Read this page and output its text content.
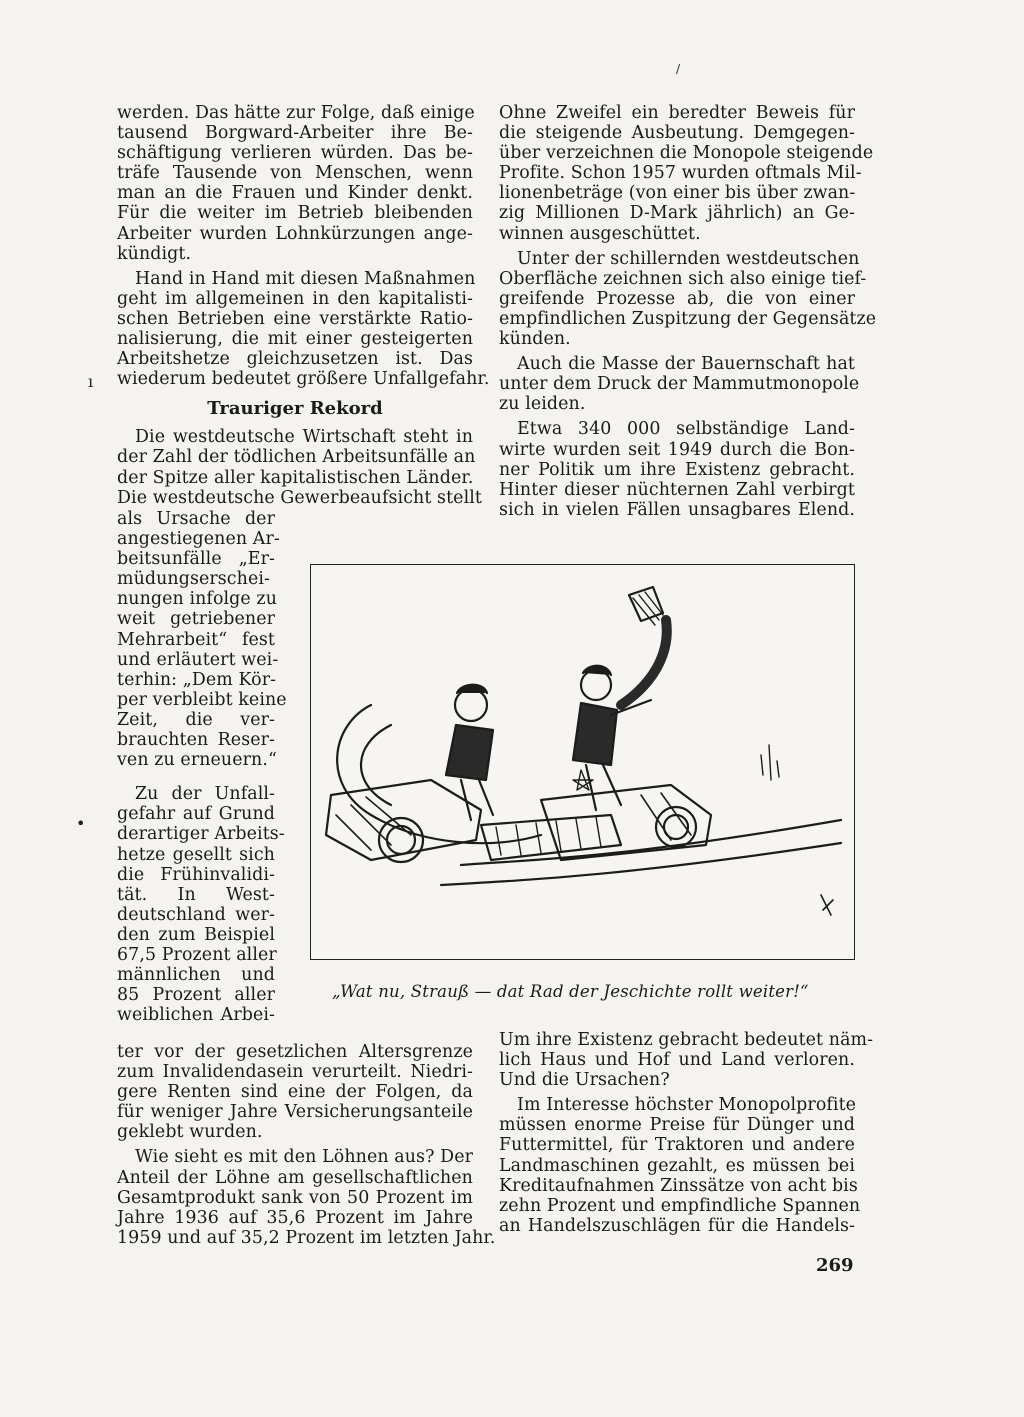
werden. Das hätte zur Folge, daß einige
tausend Borgward-Arbeiter ihre Be-
schäftigung verlieren würden. Das be-
träfe Tausende von Menschen, wenn
man an die Frauen und Kinder denkt.
Für die weiter im Betrieb bleibenden
Arbeiter wurden Lohnkürzungen ange-
kündigt.
Hand in Hand mit diesen Maßnahmen
geht im allgemeinen in den kapitalisti-
schen Betrieben eine verstärkte Ratio-
nalisierung, die mit einer gesteigerten
Arbeitshetze gleichzusetzen ist. Das
wiederum bedeutet größere Unfallgefahr.
Trauriger Rekord
Die westdeutsche Wirtschaft steht in
der Zahl der tödlichen Arbeitsunfälle an
der Spitze aller kapitalistischen Länder.
Die westdeutsche Gewerbeaufsicht stellt
als Ursache der
angestiegenen Ar-
beitsunfälle „Er-
müdungserschei-
nungen infolge zu
weit getriebener
Mehrarbeit“ fest
und erläutert wei-
terhin: „Dem Kör-
per verbleibt keine
Zeit, die ver-
brauchten Reser-
ven zu erneuern.“
Zu der Unfall-
gefahr auf Grund
derartiger Arbeits-
hetze gesellt sich
die Frühinvalidi-
tät. In West-
deutschland wer-
den zum Beispiel
67,5 Prozent aller
männlichen und
85 Prozent aller
weiblichen Arbei-
ter vor der gesetzlichen Altersgrenze
zum Invalidendasein verurteilt. Niedri-
gere Renten sind eine der Folgen, da
für weniger Jahre Versicherungsanteile
geklebt wurden.
Wie sieht es mit den Löhnen aus? Der
Anteil der Löhne am gesellschaftlichen
Gesamtprodukt sank von 50 Prozent im
Jahre 1936 auf 35,6 Prozent im Jahre
1959 und auf 35,2 Prozent im letzten Jahr.
Ohne Zweifel ein beredter Beweis für
die steigende Ausbeutung. Demgegen-
über verzeichnen die Monopole steigende
Profite. Schon 1957 wurden oftmals Mil-
lionenbeträge (von einer bis über zwan-
zig Millionen D-Mark jährlich) an Ge-
winnen ausgeschüttet.
Unter der schillernden westdeutschen
Oberfläche zeichnen sich also einige tief-
greifende Prozesse ab, die von einer
empfindlichen Zuspitzung der Gegensätze
künden.
Auch die Masse der Bauernschaft hat
unter dem Druck der Mammutmonopole
zu leiden.
Etwa 340 000 selbständige Land-
wirte wurden seit 1949 durch die Bon-
ner Politik um ihre Existenz gebracht.
Hinter dieser nüchternen Zahl verbirgt
sich in vielen Fällen unsagbares Elend.
„Wat nu, Strauß — dat Rad der Jeschichte rollt weiter!“
Um ihre Existenz gebracht bedeutet näm-
lich Haus und Hof und Land verloren.
Und die Ursachen?
Im Interesse höchster Monopolprofite
müssen enorme Preise für Dünger und
Futtermittel, für Traktoren und andere
Landmaschinen gezahlt, es müssen bei
Kreditaufnahmen Zinssätze von acht bis
zehn Prozent und empfindliche Spannen
an Handelszuschlägen für die Handels-
269
ı
•
/
